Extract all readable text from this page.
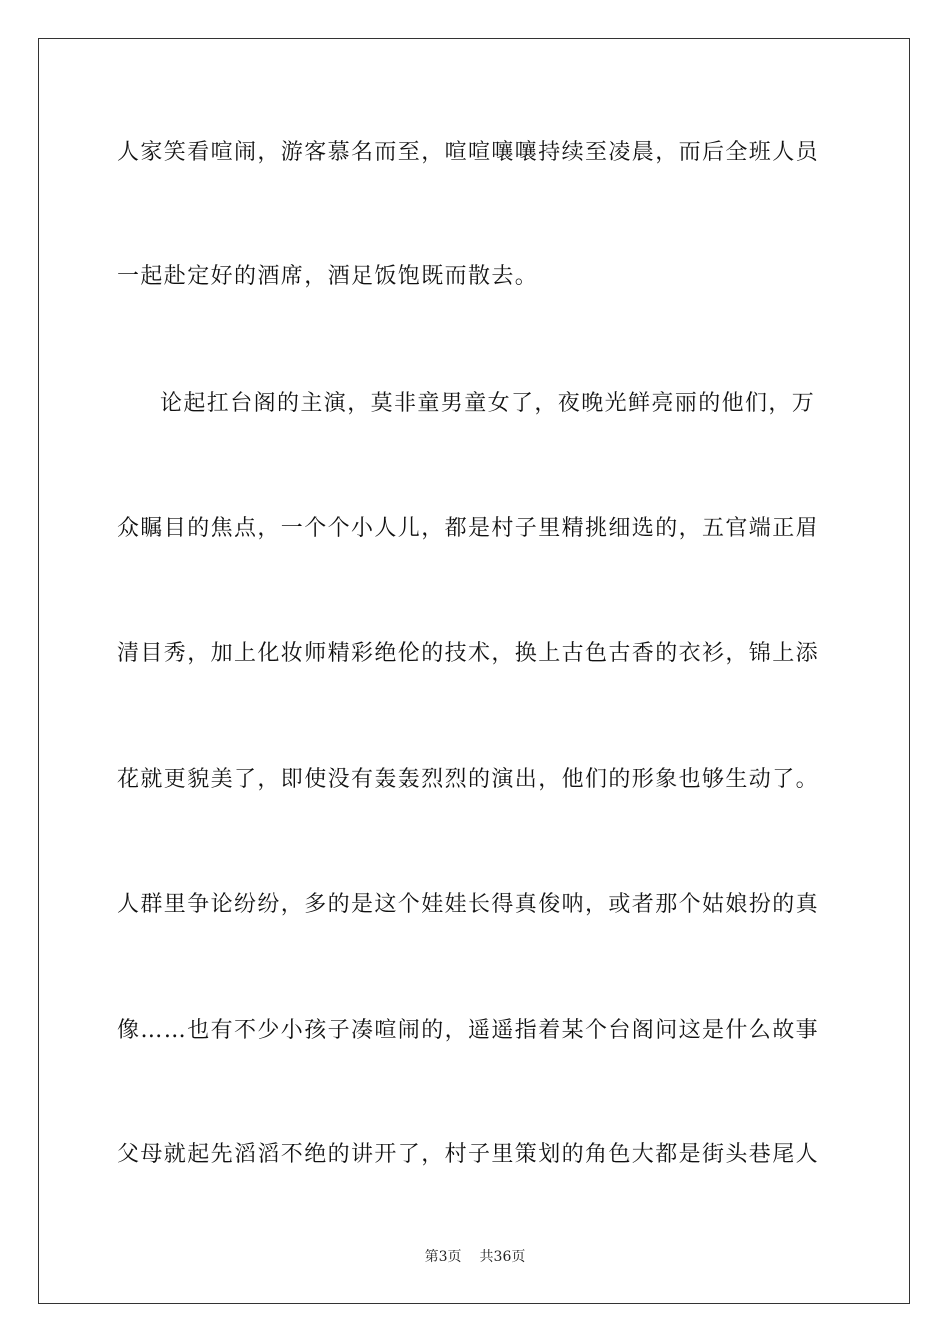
人家笑看喧闹，游客慕名而至，喧喧嚷嚷持续至凌晨，而后全班人员
一起赴定好的酒席，酒足饭饱既而散去。
论起扛台阁的主演，莫非童男童女了，夜晚光鲜亮丽的他们，万
众瞩目的焦点，一个个小人儿，都是村子里精挑细选的，五官端正眉
清目秀，加上化妆师精彩绝伦的技术，换上古色古香的衣衫，锦上添
花就更貌美了，即使没有轰轰烈烈的演出，他们的形象也够生动了。
人群里争论纷纷，多的是这个娃娃长得真俊呐，或者那个姑娘扮的真
像……也有不少小孩子凑喧闹的，遥遥指着某个台阁问这是什么故事
父母就起先滔滔不绝的讲开了，村子里策划的角色大都是街头巷尾人
第3页 共36页
